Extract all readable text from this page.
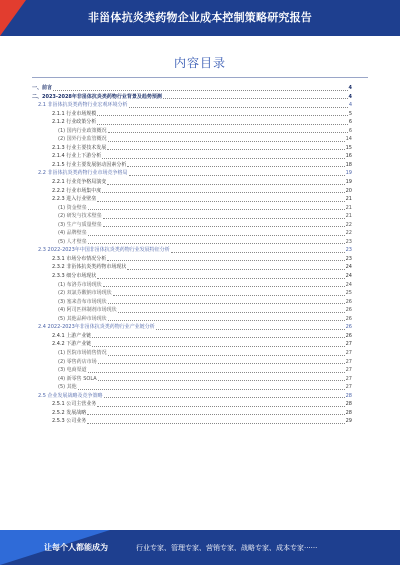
非甾体抗炎类药物企业成本控制策略研究报告
内容目录
一、前言	4
二、2023-2028年非甾体抗炎类药物行业背景及趋势预测	4
2.1 非甾体抗炎类药物行业宏观环境分析	4
2.1.1 行业市场规模	5
2.1.2 行业政策分析	6
(1) 国内行业政策概况	6
(2) 国外行业监管概况	14
2.1.3 行业主要技术发展	15
2.1.4 行业上下游分析	16
2.1.5 行业主要发展驱动因素分析	18
2.2 非甾体抗炎类药物行业市场竞争格局	19
2.2.1 行业竞争格局演变	19
2.2.2 行业市场集中度	20
2.2.3 进入行业壁垒	21
(1) 资金壁垒	21
(2) 研发与技术壁垒	21
(3) 生产与质量壁垒	22
(4) 品牌壁垒	22
(5) 人才壁垒	23
2.3 2022-2023年中国非甾体抗炎类药物行业发展特征分析	23
2.3.1 市场分布情况分析	23
2.3.2 非甾体抗炎类药物市场现状	24
2.3.3 细分市场现状	24
(1) 布洛芬市场现状	24
(2) 双氯芬酸钠市场现状	25
(3) 塞来昔布市场现状	26
(4) 阿司匹林制剂市场现状	26
(5) 其他品种市场现状	26
2.4 2022-2023年非甾体抗炎类药物行业产业链分析	26
2.4.1 上游产业链	26
2.4.2 下游产业链	27
(1) 医院市场销售情况	27
(2) 零售药店市场	27
(3) 电商渠道	27
(4) 新零售 SOLA	27
(5) 其他	27
2.5 企业发展战略及竞争策略	28
2.5.1 公司主营业务	28
2.5.2 发展战略	28
2.5.3 公司业务	29
让每个人都能成为	行业专家、管理专家、营销专家、战略专家、成本专家······
